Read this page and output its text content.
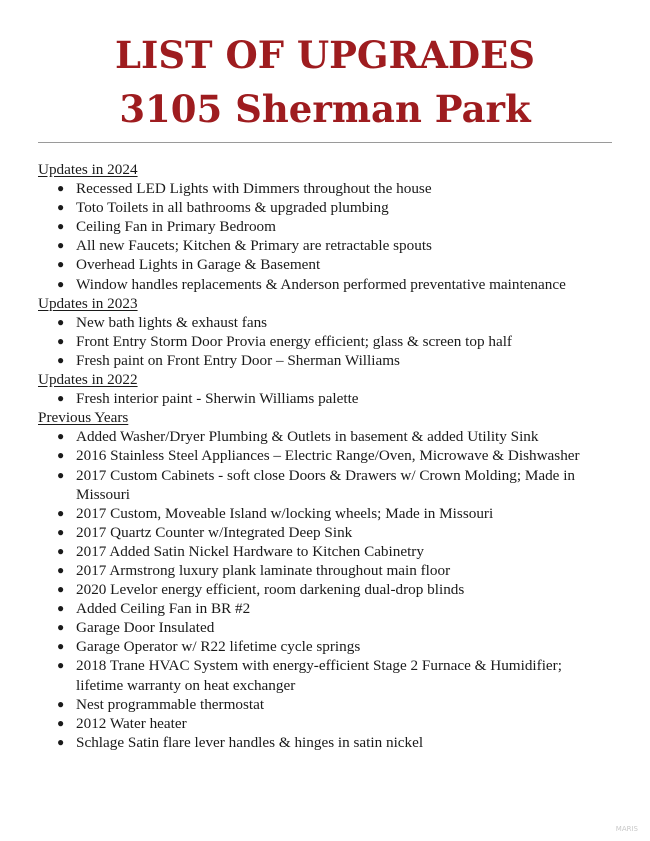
LIST OF UPGRADES
3105 Sherman Park
Updates in 2024
● Recessed LED Lights with Dimmers throughout the house
● Toto Toilets in all bathrooms & upgraded plumbing
● Ceiling Fan in Primary Bedroom
● All new Faucets; Kitchen & Primary are retractable spouts
● Overhead Lights in Garage & Basement
● Window handles replacements & Anderson performed preventative maintenance
Updates in 2023
● New bath lights & exhaust fans
● Front Entry Storm Door Provia energy efficient; glass & screen top half
● Fresh paint on Front Entry Door – Sherman Williams
Updates in 2022
● Fresh interior paint - Sherwin Williams palette
Previous Years
● Added Washer/Dryer Plumbing & Outlets in basement & added Utility Sink
● 2016 Stainless Steel Appliances – Electric Range/Oven, Microwave & Dishwasher
● 2017 Custom Cabinets - soft close Doors & Drawers w/ Crown Molding; Made in Missouri
● 2017 Custom, Moveable Island w/locking wheels; Made in Missouri
● 2017 Quartz Counter w/Integrated Deep Sink
● 2017 Added Satin Nickel Hardware to Kitchen Cabinetry
● 2017 Armstrong luxury plank laminate throughout main floor
● 2020 Levelor energy efficient, room darkening dual-drop blinds
● Added Ceiling Fan in BR #2
● Garage Door Insulated
● Garage Operator w/ R22 lifetime cycle springs
● 2018 Trane HVAC System with energy-efficient Stage 2 Furnace & Humidifier; lifetime warranty on heat exchanger
● Nest programmable thermostat
● 2012 Water heater
● Schlage Satin flare lever handles & hinges in satin nickel
MARIS
